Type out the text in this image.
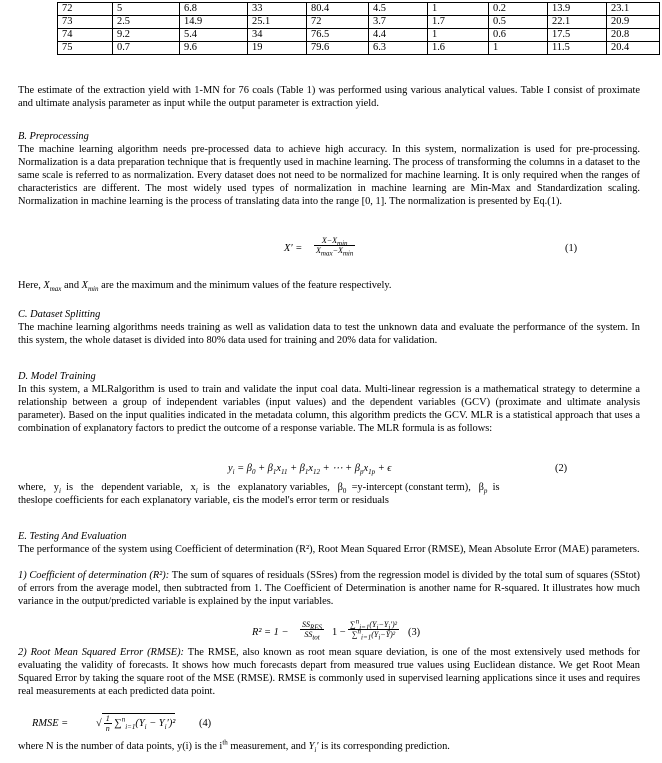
72	5	6.8	33	80.4	4.5	1	0.2	13.9	23.1
73	2.5	14.9	25.1	72	3.7	1.7	0.5	22.1	20.9
74	9.2	5.4	34	76.5	4.4	1	0.6	17.5	20.8
75	0.7	9.6	19	79.6	6.3	1.6	1	11.5	20.4

The estimate of the extraction yield with 1-MN for 76 coals (Table 1) was performed using various analytical values. Table I consist of proximate and ultimate analysis parameter as input while the output parameter is extraction yield.

B. Preprocessing

The machine learning algorithm needs pre-processed data to achieve high accuracy. In this system, normalization is used for pre-processing. Normalization is a data preparation technique that is frequently used in machine learning. The process of transforming the columns in a dataset to the same scale is referred to as normalization. Every dataset does not need to be normalized for machine learning. It is only required when the ranges of characteristics are different. The most widely used types of normalization in machine learning are Min-Max and Standardization scaling. Normalization in machine learning is the process of translating data into the range [0, 1]. The normalization is presented by Eq.(1).

X′ =
$X-X_{min}$
$X_{max}-X_{min}$	(1)

Here, $X_{max}$ and $X_{min}$ are the maximum and the minimum values of the feature respectively.

C. Dataset Splitting

The machine learning algorithms needs training as well as validation data to test the unknown data and evaluate the performance of the system. In this system, the whole dataset is divided into 80% data used for training and 20% data for validation.

D. Model Training

In this system, a MLRalgorithm is used to train and validate the input coal data. Multi-linear regression is a mathematical strategy to determine a relationship between a group of independent variables (input values) and the dependent variables (GCV) (proximate and ultimate analysis parameter). Based on the input qualities indicated in the metadata column, this algorithm predicts the GCV. MLR is a statistical approach that uses a combination of explanatory factors to predict the outcome of a response variable. The MLR formula is as follows:

$y_i = \beta_0 + \beta_1x_{11} + \beta_1x_{12}$ + ⋯ + $\beta_px_{1p} + \epsilon$	(2)

where,   $y_i$  is   the   dependent variable,   $x_i$  is   the   explanatory variables,   $\beta_0$  =y-intercept (constant term),   $\beta_p$  is

theslope coefficients for each explanatory variable, ϵis the model's error term or residuals

E. Testing And Evaluation

The performance of the system using Coefficient of determination (R²), Root Mean Squared Error (RMSE), Mean Absolute Error (MAE) parameters.

1) Coefficient of determination (R²): The sum of squares of residuals (SSres) from the regression model is divided by the total sum of squares (SStot) of errors from the average model, then subtracted from 1. The Coefficient of Determination is another name for R-squared. It illustrates how much variance in the output/predicted variable is explained by the input variables.

R² = 1 −
$SS_{RES}$
$SS_{tot}$	$1 - \frac{\sum^n_{i=1}(Y_i-Y_i')^2}{\sum^n_{i=1}(Y_i-Ȳ)^2} (3)$

2) Root Mean Squared Error (RMSE): The RMSE, also known as root mean square deviation, is one of the most extensively used methods for evaluating the validity of forecasts. It shows how much forecasts depart from measured true values using Euclidean distance. We get Root Mean Squared Error by taking the square root of the MSE (RMSE). RMSE is commonly used in supervised learning applications since it uses and requires real measurements at each predicted data point.

RMSE =	√ $\frac{1}{n} \sum^n_{i=1}(Y_i - Y_i')^2$ (4)

where N is the number of data points, y(i) is the $i^{th}$ measurement, and $Y_i'$ is its corresponding prediction.
